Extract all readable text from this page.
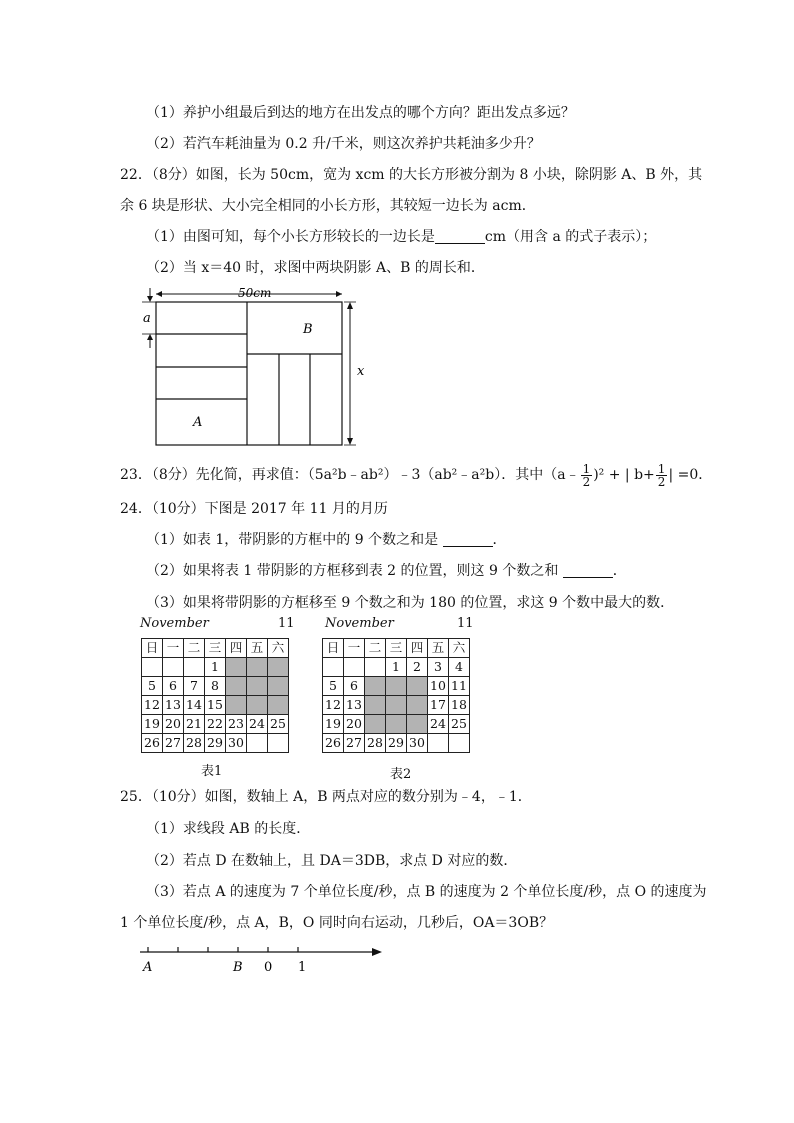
（1）养护小组最后到达的地方在出发点的哪个方向？距出发点多远？
（2）若汽车耗油量为 0.2 升/千米，则这次养护共耗油多少升？
22．（8分）如图，长为 50cm，宽为 xcm 的大长方形被分割为 8 小块，除阴影 A、B 外，其
余 6 块是形状、大小完全相同的小长方形，其较短一边长为 acm．
（1）由图可知，每个小长方形较长的一边长是	cm（用含 a 的式子表示）；
（2）当 x＝40 时，求图中两块阴影 A、B 的周长和．
50cm
A
B
a
x
23．（8分）先化简，再求值：（5a²b﹣ab²）﹣3（ab²﹣a²b）．其中（a﹣ $\frac{1}{2} )^2$ + | $b+ \frac{1}{2}$ | =0．
24．（10分）下图是 2017 年 11 月的月历
（1）如表 1，带阴影的方框中的 9 个数之和是	．
（2）如果将表 1 带阴影的方框移到表 2 的位置，则这 9 个数之和	．
（3）如果将带阴影的方框移至 9 个数之和为 180 的位置，求这 9 个数中最大的数．
November	11
日	一	二	三	四	五	六
			1			
5	6	7	8			
12	13	14	15			
19	20	21	22	23	24	25
26	27	28	29	30		
表1
November	11
日	一	二	三	四	五	六
			1	2	3	4
5	6				10	11
12	13				17	18
19	20				24	25
26	27	28	29	30		
表2
25．（10分）如图，数轴上 A，B 两点对应的数分别为﹣4，﹣1．
（1）求线段 AB 的长度．
（2）若点 D 在数轴上，且 DA＝3DB，求点 D 对应的数．
（3）若点 A 的速度为 7 个单位长度/秒，点 B 的速度为 2 个单位长度/秒，点 O 的速度为
1 个单位长度/秒，点 A，B，O 同时向右运动，几秒后，OA＝3OB？
A	B 0 1
